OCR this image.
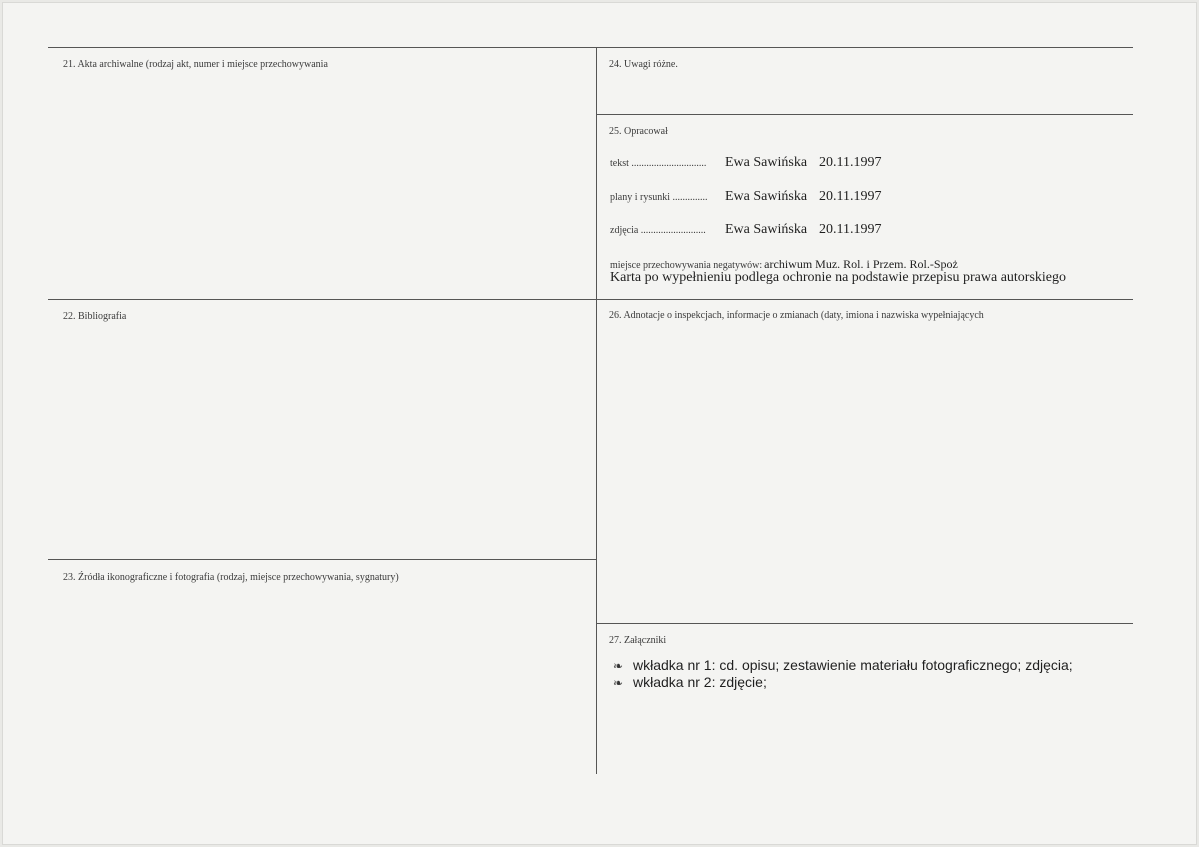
21. Akta archiwalne (rodzaj akt, numer i miejsce przechowywania
22. Bibliografia
23. Źródła ikonograficzne i fotografia (rodzaj, miejsce przechowywania, sygnatury)
24. Uwagi różne.
25. Opracował
tekst .............................. Ewa Sawińska 20.11.1997
plany i rysunki .............. Ewa Sawińska 20.11.1997
zdjęcia .......................... Ewa Sawińska 20.11.1997
miejsce przechowywania negatywów: archiwum Muz. Rol. i Przem. Rol.-Spoż
Karta po wypełnieniu podlega ochronie na podstawie przepisu prawa autorskiego
26. Adnotacje o inspekcjach, informacje o zmianach (daty, imiona i nazwiska wypełniających
27. Załączniki
❧ wkładka nr 1: cd. opisu; zestawienie materiału fotograficznego; zdjęcia;
❧ wkładka nr 2: zdjęcie;
